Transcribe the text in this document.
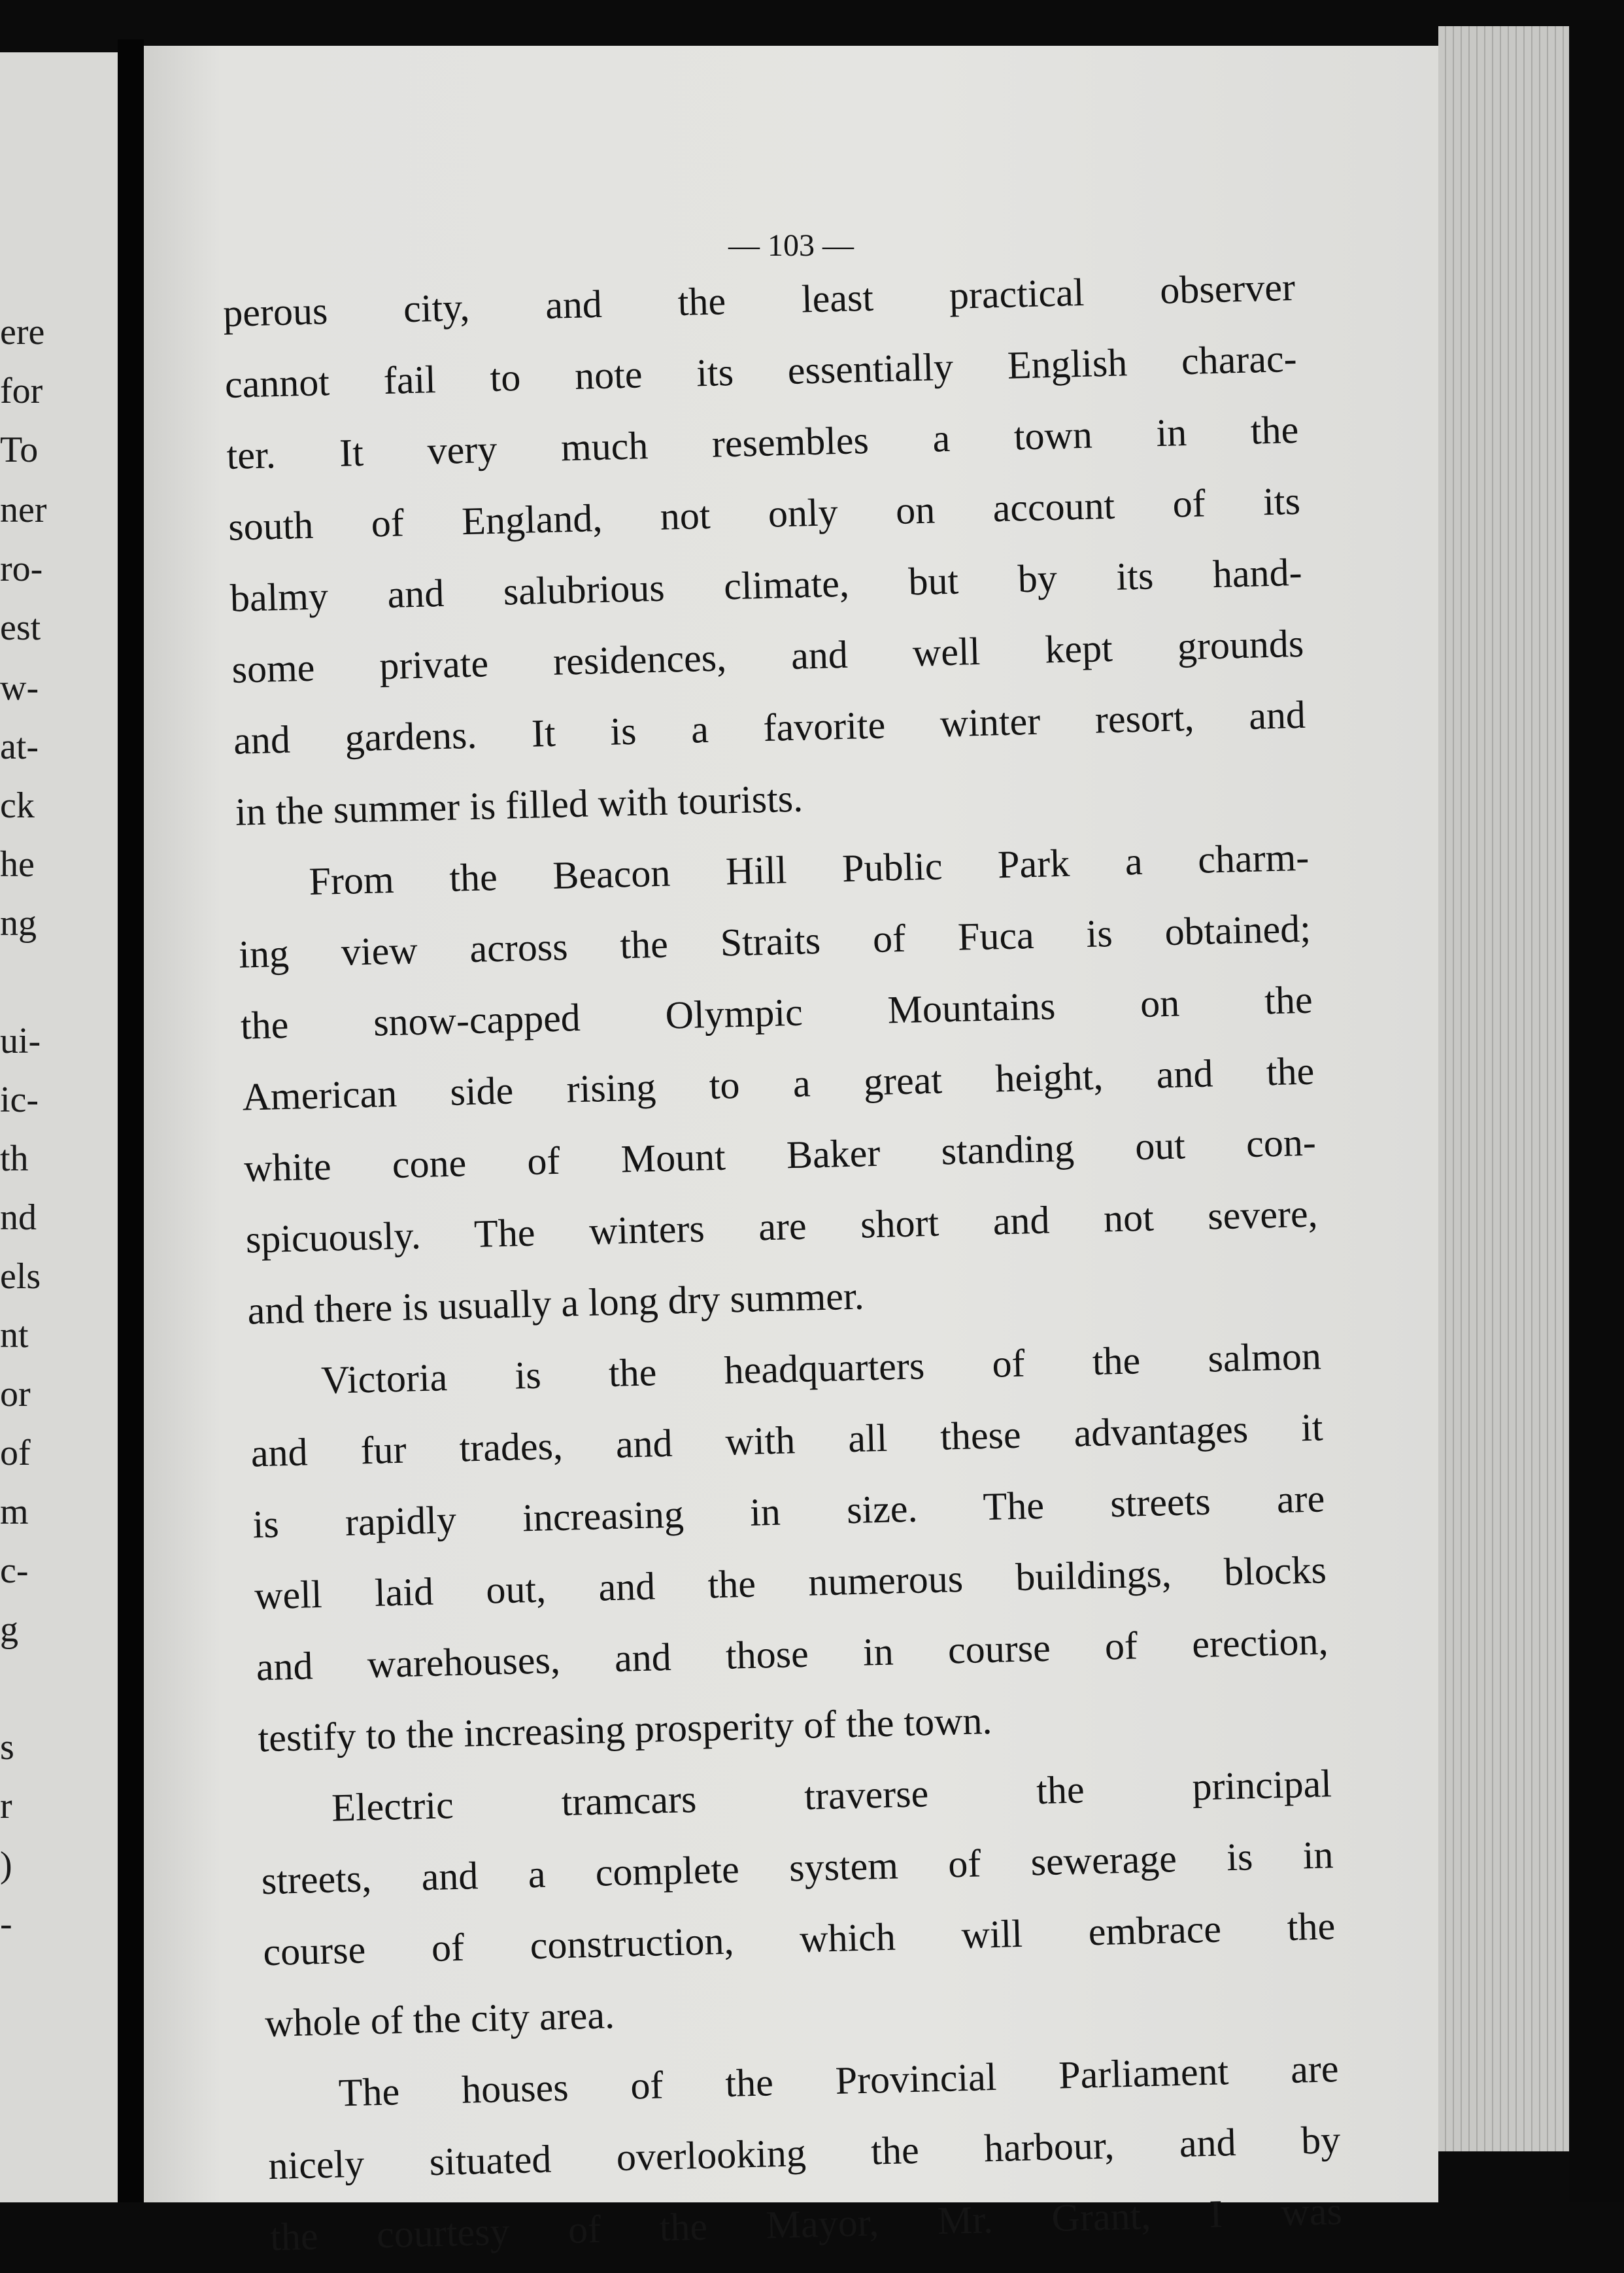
ere
for
To
ner
ro-
est
w-
at-
ck
he
ng
ui-
ic-
th
nd
els
nt
or
of
m
c-
g
s
r
)
-
— 103 —
perous city, and the least practical observer
cannot fail to note its essentially English charac-
ter. It very much resembles a town in the
south of England, not only on account of its
balmy and salubrious climate, but by its hand-
some private residences, and well kept grounds
and gardens. It is a favorite winter resort, and
in the summer is filled with tourists.
From the Beacon Hill Public Park a charm-
ing view across the Straits of Fuca is obtained;
the snow-capped Olympic Mountains on the
American side rising to a great height, and the
white cone of Mount Baker standing out con-
spicuously. The winters are short and not severe,
and there is usually a long dry summer.
Victoria is the headquarters of the salmon
and fur trades, and with all these advantages it
is rapidly increasing in size. The streets are
well laid out, and the numerous buildings, blocks
and warehouses, and those in course of erection,
testify to the increasing prosperity of the town.
Electric tramcars traverse the principal
streets, and a complete system of sewerage is in
course of construction, which will embrace the
whole of the city area.
The houses of the Provincial Parliament are
nicely situated overlooking the harbour, and by
the courtesy of the Mayor, Mr. Grant, I was
